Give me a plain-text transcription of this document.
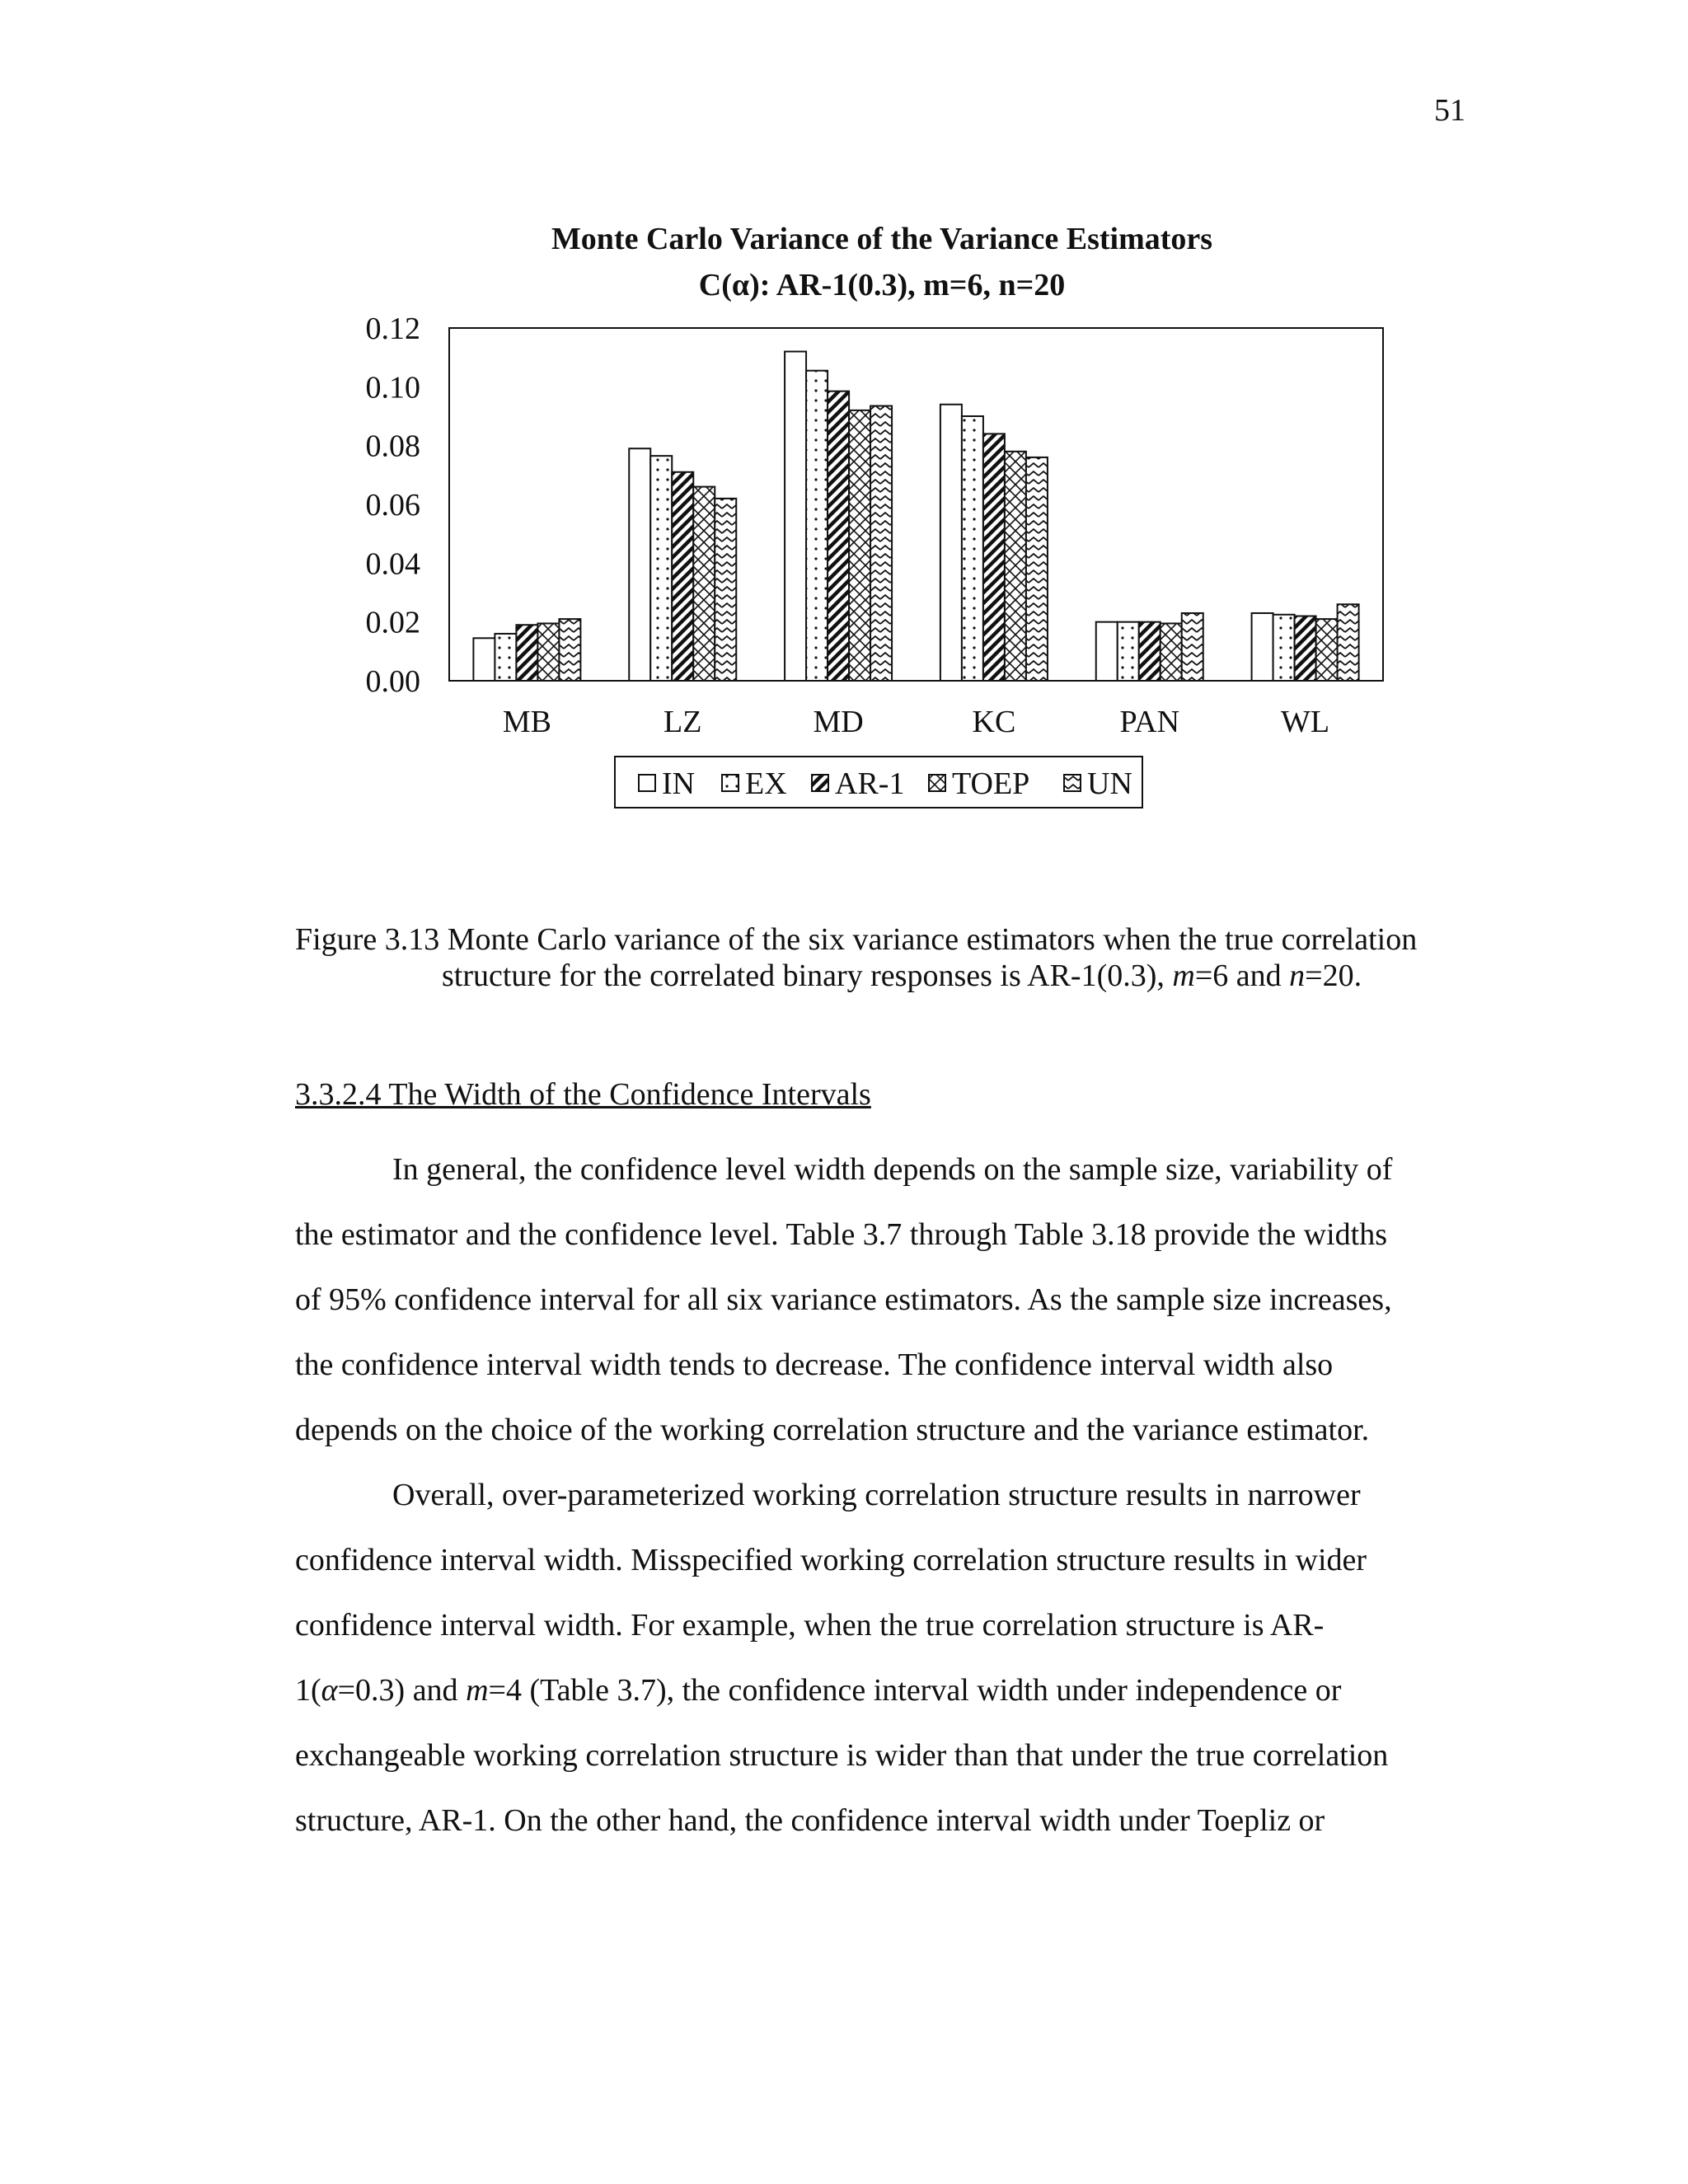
51
Monte Carlo Variance of the Variance Estimators
C(α): AR-1(0.3), m=6, n=20
0.00
0.02
0.04
0.06
0.08
0.10
0.12
MB	LZ	MD	KC	PAN	WL
IN EX AR-1 TOEP UN
Figure 3.13 Monte Carlo variance of the six variance estimators when the true correlation
structure for the correlated binary responses is AR-1(0.3), m=6 and n=20.
3.3.2.4 The Width of the Confidence Intervals

In general, the confidence level width depends on the sample size, variability of
the estimator and the confidence level. Table 3.7 through Table 3.18 provide the widths
of 95% confidence interval for all six variance estimators. As the sample size increases,
the confidence interval width tends to decrease. The confidence interval width also
depends on the choice of the working correlation structure and the variance estimator.

Overall, over-parameterized working correlation structure results in narrower
confidence interval width. Misspecified working correlation structure results in wider
confidence interval width. For example, when the true correlation structure is AR-
1(α=0.3) and m=4 (Table 3.7), the confidence interval width under independence or
exchangeable working correlation structure is wider than that under the true correlation
structure, AR-1. On the other hand, the confidence interval width under Toepliz or
